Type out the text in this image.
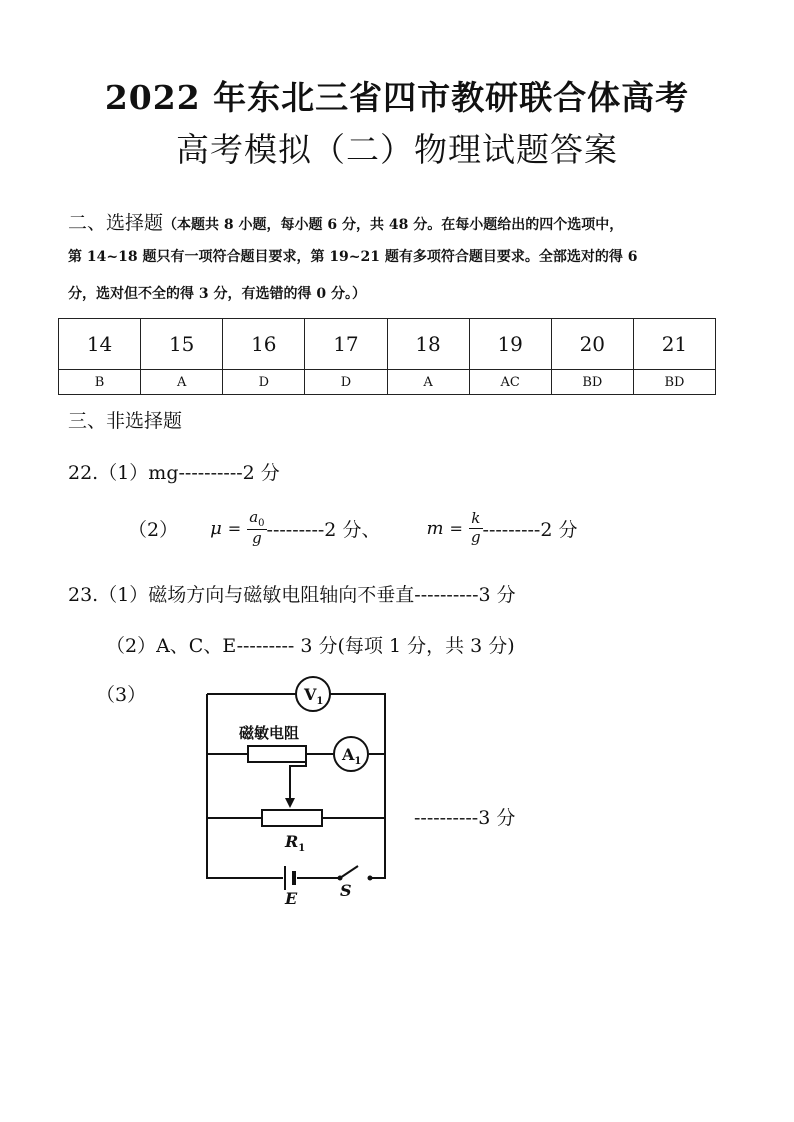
2022 年东北三省四市教研联合体高考
高考模拟（二）物理试题答案
二、选择题（本题共 8 小题，每小题 6 分，共 48 分。在每小题给出的四个选项中，
第 14~18 题只有一项符合题目要求，第 19~21 题有多项符合题目要求。全部选对的得 6
分，选对但不全的得 3 分，有选错的得 0 分。）
14	15	16	17	18	19	20	21
B	A	D	D	A	AC	BD	BD
三、非选择题
22.（1）mg----------2 分
（2） $\mu = \frac{a_0}{g} ---------2$ 分、	$m = \frac{k}{g} ---------2$ 分
23.（1）磁场方向与磁敏电阻轴向不垂直----------3 分
（2）A、C、E--------- 3 分(每项 1 分，共 3 分)
（3）
----------3 分
磁敏电阻
$V_1$
$A_1$
$R_1$
E	S
